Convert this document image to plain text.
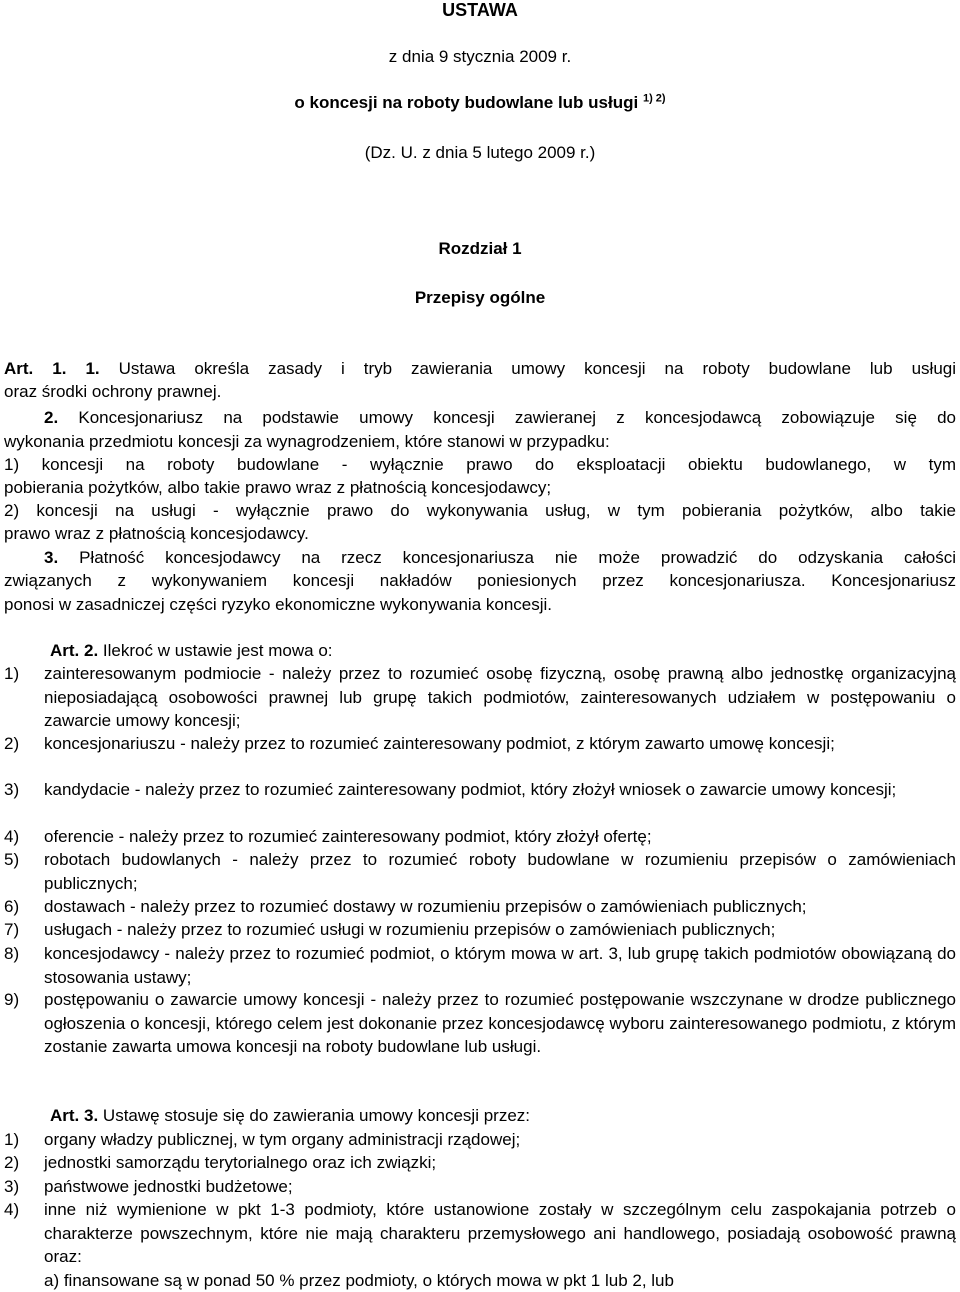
USTAWA

z dnia 9 stycznia 2009 r.

o koncesji na roboty budowlane lub usługi $^{1) 2)}$

(Dz. U. z dnia 5 lutego 2009 r.)

Rozdział 1

Przepisy ogólne

Art. 1. 1. Ustawa określa zasady i tryb zawierania umowy koncesji na roboty budowlane lub usługi

oraz środki ochrony prawnej.

2. Koncesjonariusz na podstawie umowy koncesji zawieranej z koncesjodawcą zobowiązuje się do

wykonania przedmiotu koncesji za wynagrodzeniem, które stanowi w przypadku:

1) koncesji na roboty budowlane - wyłącznie prawo do eksploatacji obiektu budowlanego, w tym

pobierania pożytków, albo takie prawo wraz z płatnością koncesjodawcy;

2) koncesji na usługi - wyłącznie prawo do wykonywania usług, w tym pobierania pożytków, albo takie

prawo wraz z płatnością koncesjodawcy.

3. Płatność koncesjodawcy na rzecz koncesjonariusza nie może prowadzić do odzyskania całości

związanych z wykonywaniem koncesji nakładów poniesionych przez koncesjonariusza. Koncesjonariusz

ponosi w zasadniczej części ryzyko ekonomiczne wykonywania koncesji.

Art. 2. Ilekroć w ustawie jest mowa o:

1) zainteresowanym podmiocie - należy przez to rozumieć osobę fizyczną, osobę prawną albo jednostkę organizacyjną nieposiadającą osobowości prawnej lub grupę takich podmiotów, zainteresowanych udziałem w postępowaniu o zawarcie umowy koncesji;
2) koncesjonariuszu - należy przez to rozumieć zainteresowany podmiot, z którym zawarto umowę koncesji;
3) kandydacie - należy przez to rozumieć zainteresowany podmiot, który złożył wniosek o zawarcie umowy koncesji;
4) oferencie - należy przez to rozumieć zainteresowany podmiot, który złożył ofertę;
5) robotach budowlanych - należy przez to rozumieć roboty budowlane w rozumieniu przepisów o zamówieniach publicznych;
6) dostawach - należy przez to rozumieć dostawy w rozumieniu przepisów o zamówieniach publicznych;
7) usługach - należy przez to rozumieć usługi w rozumieniu przepisów o zamówieniach publicznych;
8) koncesjodawcy - należy przez to rozumieć podmiot, o którym mowa w art. 3, lub grupę takich podmiotów obowiązaną do stosowania ustawy;
9) postępowaniu o zawarcie umowy koncesji - należy przez to rozumieć postępowanie wszczynane w drodze publicznego ogłoszenia o koncesji, którego celem jest dokonanie przez koncesjodawcę wyboru zainteresowanego podmiotu, z którym zostanie zawarta umowa koncesji na roboty budowlane lub usługi.

Art. 3. Ustawę stosuje się do zawierania umowy koncesji przez:

1) organy władzy publicznej, w tym organy administracji rządowej;
2) jednostki samorządu terytorialnego oraz ich związki;
3) państwowe jednostki budżetowe;
4) inne niż wymienione w pkt 1-3 podmioty, które ustanowione zostały w szczególnym celu zaspokajania potrzeb o charakterze powszechnym, które nie mają charakteru przemysłowego ani handlowego, posiadają osobowość prawną oraz:

a) finansowane są w ponad 50 % przez podmioty, o których mowa w pkt 1 lub 2, lub
